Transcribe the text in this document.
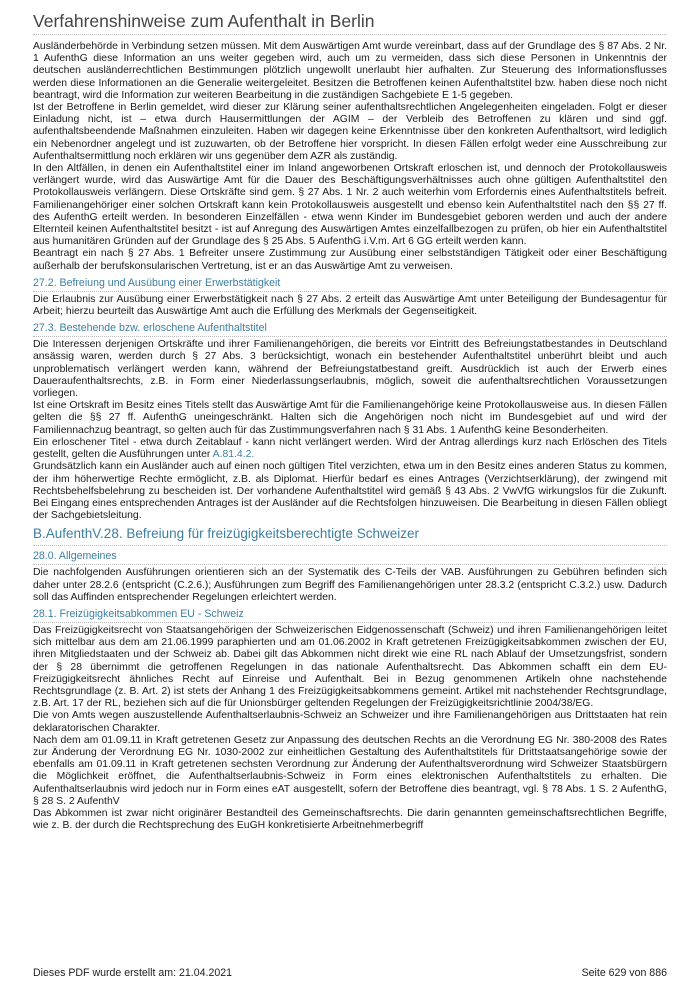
Verfahrenshinweise zum Aufenthalt in Berlin

Ausländerbehörde in Verbindung setzen müssen. Mit dem Auswärtigen Amt wurde vereinbart, dass auf der Grundlage des § 87 Abs. 2 Nr. 1 AufenthG diese Information an uns weiter gegeben wird, auch um zu vermeiden, dass sich diese Personen in Unkenntnis der deutschen ausländerrechtlichen Bestimmungen plötzlich ungewollt unerlaubt hier aufhalten. Zur Steuerung des Informationsflusses werden diese Informationen an die Generalie weitergeleitet. Besitzen die Betroffenen keinen Aufenthaltstitel bzw. haben diese noch nicht beantragt, wird die Information zur weiteren Bearbeitung in die zuständigen Sachgebiete E 1-5 gegeben.

Ist der Betroffene in Berlin gemeldet, wird dieser zur Klärung seiner aufenthaltsrechtlichen Angelegenheiten eingeladen. Folgt er dieser Einladung nicht, ist – etwa durch Hausermittlungen der AGIM – der Verbleib des Betroffenen zu klären und sind ggf. aufenthaltsbeendende Maßnahmen einzuleiten. Haben wir dagegen keine Erkenntnisse über den konkreten Aufenthaltsort, wird lediglich ein Nebenordner angelegt und ist zuzuwarten, ob der Betroffene hier vorspricht. In diesen Fällen erfolgt weder eine Ausschreibung zur Aufenthaltsermittlung noch erklären wir uns gegenüber dem AZR als zuständig.

In den Altfällen, in denen ein Aufenthaltstitel einer im Inland angeworbenen Ortskraft erloschen ist, und dennoch der Protokollausweis verlängert wurde, wird das Auswärtige Amt für die Dauer des Beschäftigungsverhältnisses auch ohne gültigen Aufenthaltstitel den Protokollausweis verlängern. Diese Ortskräfte sind gem. § 27 Abs. 1 Nr. 2 auch weiterhin vom Erfordernis eines Aufenthaltstitels befreit. Familienangehöriger einer solchen Ortskraft kann kein Protokollausweis ausgestellt und ebenso kein Aufenthaltstitel nach den §§ 27 ff. des AufenthG erteilt werden. In besonderen Einzelfällen - etwa wenn Kinder im Bundesgebiet geboren werden und auch der andere Elternteil keinen Aufenthaltstitel besitzt - ist auf Anregung des Auswärtigen Amtes einzelfallbezogen zu prüfen, ob hier ein Aufenthaltstitel aus humanitären Gründen auf der Grundlage des § 25 Abs. 5 AufenthG i.V.m. Art 6 GG erteilt werden kann.

Beantragt ein nach § 27 Abs. 1 Befreiter unsere Zustimmung zur Ausübung einer selbstständigen Tätigkeit oder einer Beschäftigung außerhalb der berufskonsularischen Vertretung, ist er an das Auswärtige Amt zu verweisen.

27.2. Befreiung und Ausübung einer Erwerbstätigkeit

Die Erlaubnis zur Ausübung einer Erwerbstätigkeit nach § 27 Abs. 2 erteilt das Auswärtige Amt unter Beteiligung der Bundesagentur für Arbeit; hierzu beurteilt das Auswärtige Amt auch die Erfüllung des Merkmals der Gegenseitigkeit.

27.3. Bestehende bzw. erloschene Aufenthaltstitel

Die Interessen derjenigen Ortskräfte und ihrer Familienangehörigen, die bereits vor Eintritt des Befreiungstatbestandes in Deutschland ansässig waren, werden durch § 27 Abs. 3 berücksichtigt, wonach ein bestehender Aufenthaltstitel unberührt bleibt und auch unproblematisch verlängert werden kann, während der Befreiungstatbestand greift. Ausdrücklich ist auch der Erwerb eines Daueraufenthaltsrechts, z.B. in Form einer Niederlassungserlaubnis, möglich, soweit die aufenthaltsrechtlichen Voraussetzungen vorliegen.

Ist eine Ortskraft im Besitz eines Titels stellt das Auswärtige Amt für die Familienangehörige keine Protokollausweise aus. In diesen Fällen gelten die §§ 27 ff. AufenthG uneingeschränkt. Halten sich die Angehörigen noch nicht im Bundesgebiet auf und wird der Familiennachzug beantragt, so gelten auch für das Zustimmungsverfahren nach § 31 Abs. 1 AufenthG keine Besonderheiten.

Ein erloschener Titel - etwa durch Zeitablauf - kann nicht verlängert werden. Wird der Antrag allerdings kurz nach Erlöschen des Titels gestellt, gelten die Ausführungen unter A.81.4.2.

Grundsätzlich kann ein Ausländer auch auf einen noch gültigen Titel verzichten, etwa um in den Besitz eines anderen Status zu kommen, der ihm höherwertige Rechte ermöglicht, z.B. als Diplomat. Hierfür bedarf es eines Antrages (Verzichtserklärung), der zwingend mit Rechtsbehelfsbelehrung zu bescheiden ist. Der vorhandene Aufenthaltstitel wird gemäß § 43 Abs. 2 VwVfG wirkungslos für die Zukunft. Bei Eingang eines entsprechenden Antrages ist der Ausländer auf die Rechtsfolgen hinzuweisen. Die Bearbeitung in diesen Fällen obliegt der Sachgebietsleitung.

B.AufenthV.28. Befreiung für freizügigkeitsberechtigte Schweizer
28.0. Allgemeines

Die nachfolgenden Ausführungen orientieren sich an der Systematik des C-Teils der VAB. Ausführungen zu Gebühren befinden sich daher unter 28.2.6 (entspricht (C.2.6.); Ausführungen zum Begriff des Familienangehörigen unter 28.3.2 (entspricht C.3.2.) usw. Dadurch soll das Auffinden entsprechender Regelungen erleichtert werden.

28.1. Freizügigkeitsabkommen EU - Schweiz

Das Freizügigkeitsrecht von Staatsangehörigen der Schweizerischen Eidgenossenschaft (Schweiz) und ihren Familienangehörigen leitet sich mittelbar aus dem am 21.06.1999 paraphierten und am 01.06.2002 in Kraft getretenen Freizügigkeitsabkommen zwischen der EU, ihren Mitgliedstaaten und der Schweiz ab. Dabei gilt das Abkommen nicht direkt wie eine RL nach Ablauf der Umsetzungsfrist, sondern der § 28 übernimmt die getroffenen Regelungen in das nationale Aufenthaltsrecht. Das Abkommen schafft ein dem EU-Freizügigkeitsrecht ähnliches Recht auf Einreise und Aufenthalt. Bei in Bezug genommenen Artikeln ohne nachstehende Rechtsgrundlage (z. B. Art. 2) ist stets der Anhang 1 des Freizügigkeitsabkommens gemeint. Artikel mit nachstehender Rechtsgrundlage, z.B. Art. 17 der RL, beziehen sich auf die für Unionsbürger geltenden Regelungen der Freizügigkeitsrichtlinie 2004/38/EG.

Die von Amts wegen auszustellende Aufenthaltserlaubnis-Schweiz an Schweizer und ihre Familienangehörigen aus Drittstaaten hat rein deklaratorischen Charakter.

Nach dem am 01.09.11 in Kraft getretenen Gesetz zur Anpassung des deutschen Rechts an die Verordnung EG Nr. 380-2008 des Rates zur Änderung der Verordnung EG Nr. 1030-2002 zur einheitlichen Gestaltung des Aufenthaltstitels für Drittstaatsangehörige sowie der ebenfalls am 01.09.11 in Kraft getretenen sechsten Verordnung zur Änderung der Aufenthaltsverordnung wird Schweizer Staatsbürgern die Möglichkeit eröffnet, die Aufenthaltserlaubnis-Schweiz in Form eines elektronischen Aufenthaltstitels zu erhalten. Die Aufenthaltserlaubnis wird jedoch nur in Form eines eAT ausgestellt, sofern der Betroffene dies beantragt, vgl. § 78 Abs. 1 S. 2 AufenthG, § 28 S. 2 AufenthV

Das Abkommen ist zwar nicht originärer Bestandteil des Gemeinschaftsrechts. Die darin genannten gemeinschaftsrechtlichen Begriffe, wie z. B. der durch die Rechtsprechung des EuGH konkretisierte Arbeitnehmerbegriff

Dieses PDF wurde erstellt am: 21.04.2021	Seite 629 von 886
